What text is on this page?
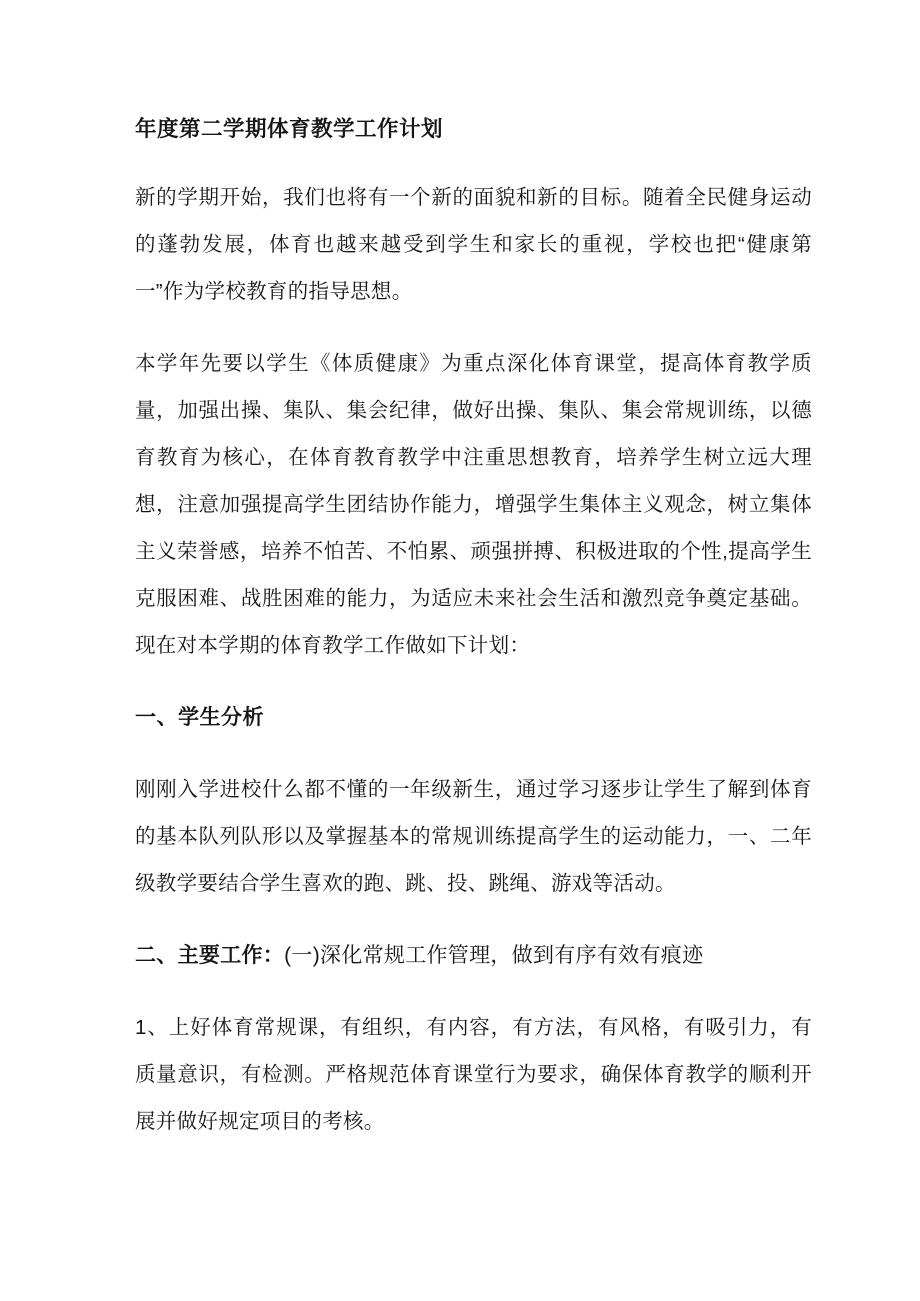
年度第二学期体育教学工作计划

新的学期开始，我们也将有一个新的面貌和新的目标。随着全民健身运动的蓬勃发展，体育也越来越受到学生和家长的重视，学校也把“健康第一”作为学校教育的指导思想。

本学年先要以学生《体质健康》为重点深化体育课堂，提高体育教学质量，加强出操、集队、集会纪律，做好出操、集队、集会常规训练，以德育教育为核心，在体育教育教学中注重思想教育，培养学生树立远大理想，注意加强提高学生团结协作能力，增强学生集体主义观念，树立集体主义荣誉感，培养不怕苦、不怕累、顽强拼搏、积极进取的个性,提高学生克服困难、战胜困难的能力，为适应未来社会生活和激烈竞争奠定基础。现在对本学期的体育教学工作做如下计划：

一、学生分析

刚刚入学进校什么都不懂的一年级新生，通过学习逐步让学生了解到体育的基本队列队形以及掌握基本的常规训练提高学生的运动能力，一、二年级教学要结合学生喜欢的跑、跳、投、跳绳、游戏等活动。

二、主要工作：(一)深化常规工作管理，做到有序有效有痕迹

1、上好体育常规课，有组织，有内容，有方法，有风格，有吸引力，有质量意识，有检测。严格规范体育课堂行为要求，确保体育教学的顺利开展并做好规定项目的考核。
